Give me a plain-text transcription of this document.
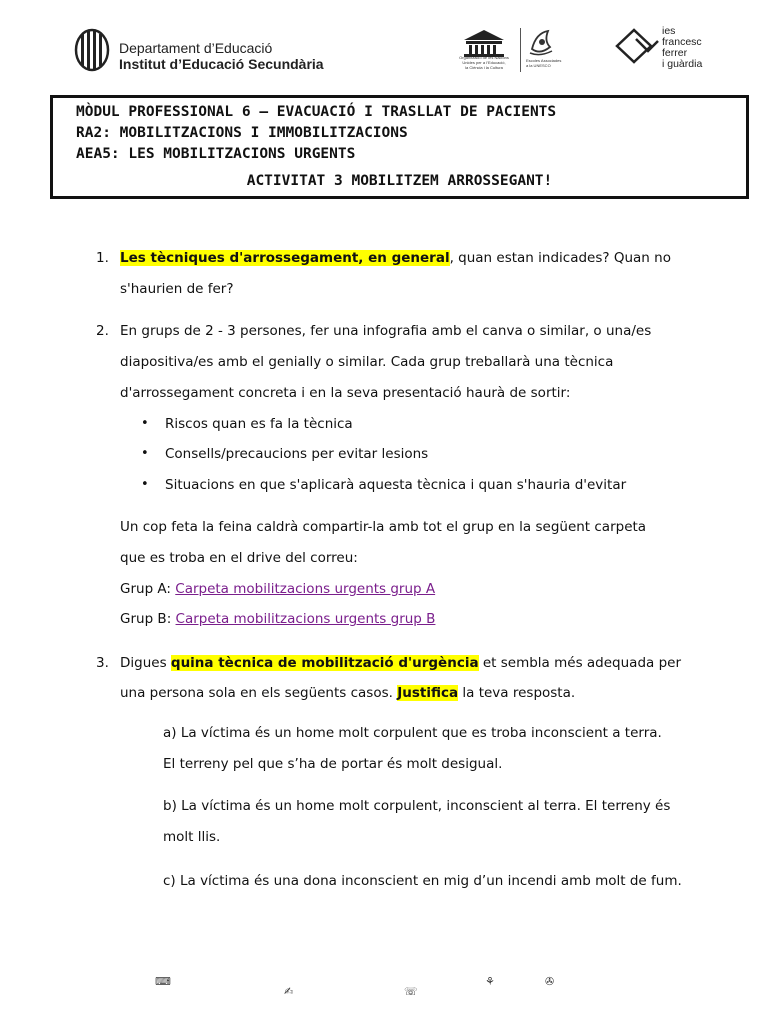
Departament d’Educació
Institut d’Educació Secundària	Organització de les Nacions
Unides per a l’Educació,
la Ciència i la Cultura
Escoles Associades
a la UNESCO
ies
francesc
ferrer
i guàrdia
MÒDUL PROFESSIONAL 6 – EVACUACIÓ I TRASLLAT DE PACIENTS
RA2: MOBILITZACIONS I IMMOBILITZACIONS
AEA5: LES MOBILITZACIONS URGENTS
ACTIVITAT 3 MOBILITZEM ARROSSEGANT!
1. Les tècniques d'arrossegament, en general, quan estan indicades? Quan no
s'haurien de fer?
2. En grups de 2 - 3 persones, fer una infografia amb el canva o similar, o una/es
diapositiva/es amb el genially o similar. Cada grup treballarà una tècnica
d'arrossegament concreta i en la seva presentació haurà de sortir:
• Riscos quan es fa la tècnica
• Consells/precaucions per evitar lesions
• Situacions en que s'aplicarà aquesta tècnica i quan s'hauria d'evitar
Un cop feta la feina caldrà compartir-la amb tot el grup en la següent carpeta
que es troba en el drive del correu:
Grup A: Carpeta mobilitzacions urgents grup A
Grup B: Carpeta mobilitzacions urgents grup B
3. Digues quina tècnica de mobilització d'urgència et sembla més adequada per
una persona sola en els següents casos. Justifica la teva resposta.
a) La víctima és un home molt corpulent que es troba inconscient a terra.
El terreny pel que s’ha de portar és molt desigual.
b) La víctima és un home molt corpulent, inconscient al terra. El terreny és
molt llis.
c) La víctima és una dona inconscient en mig d’un incendi amb molt de fum.
⌨
✍	☏
⚘	✇
